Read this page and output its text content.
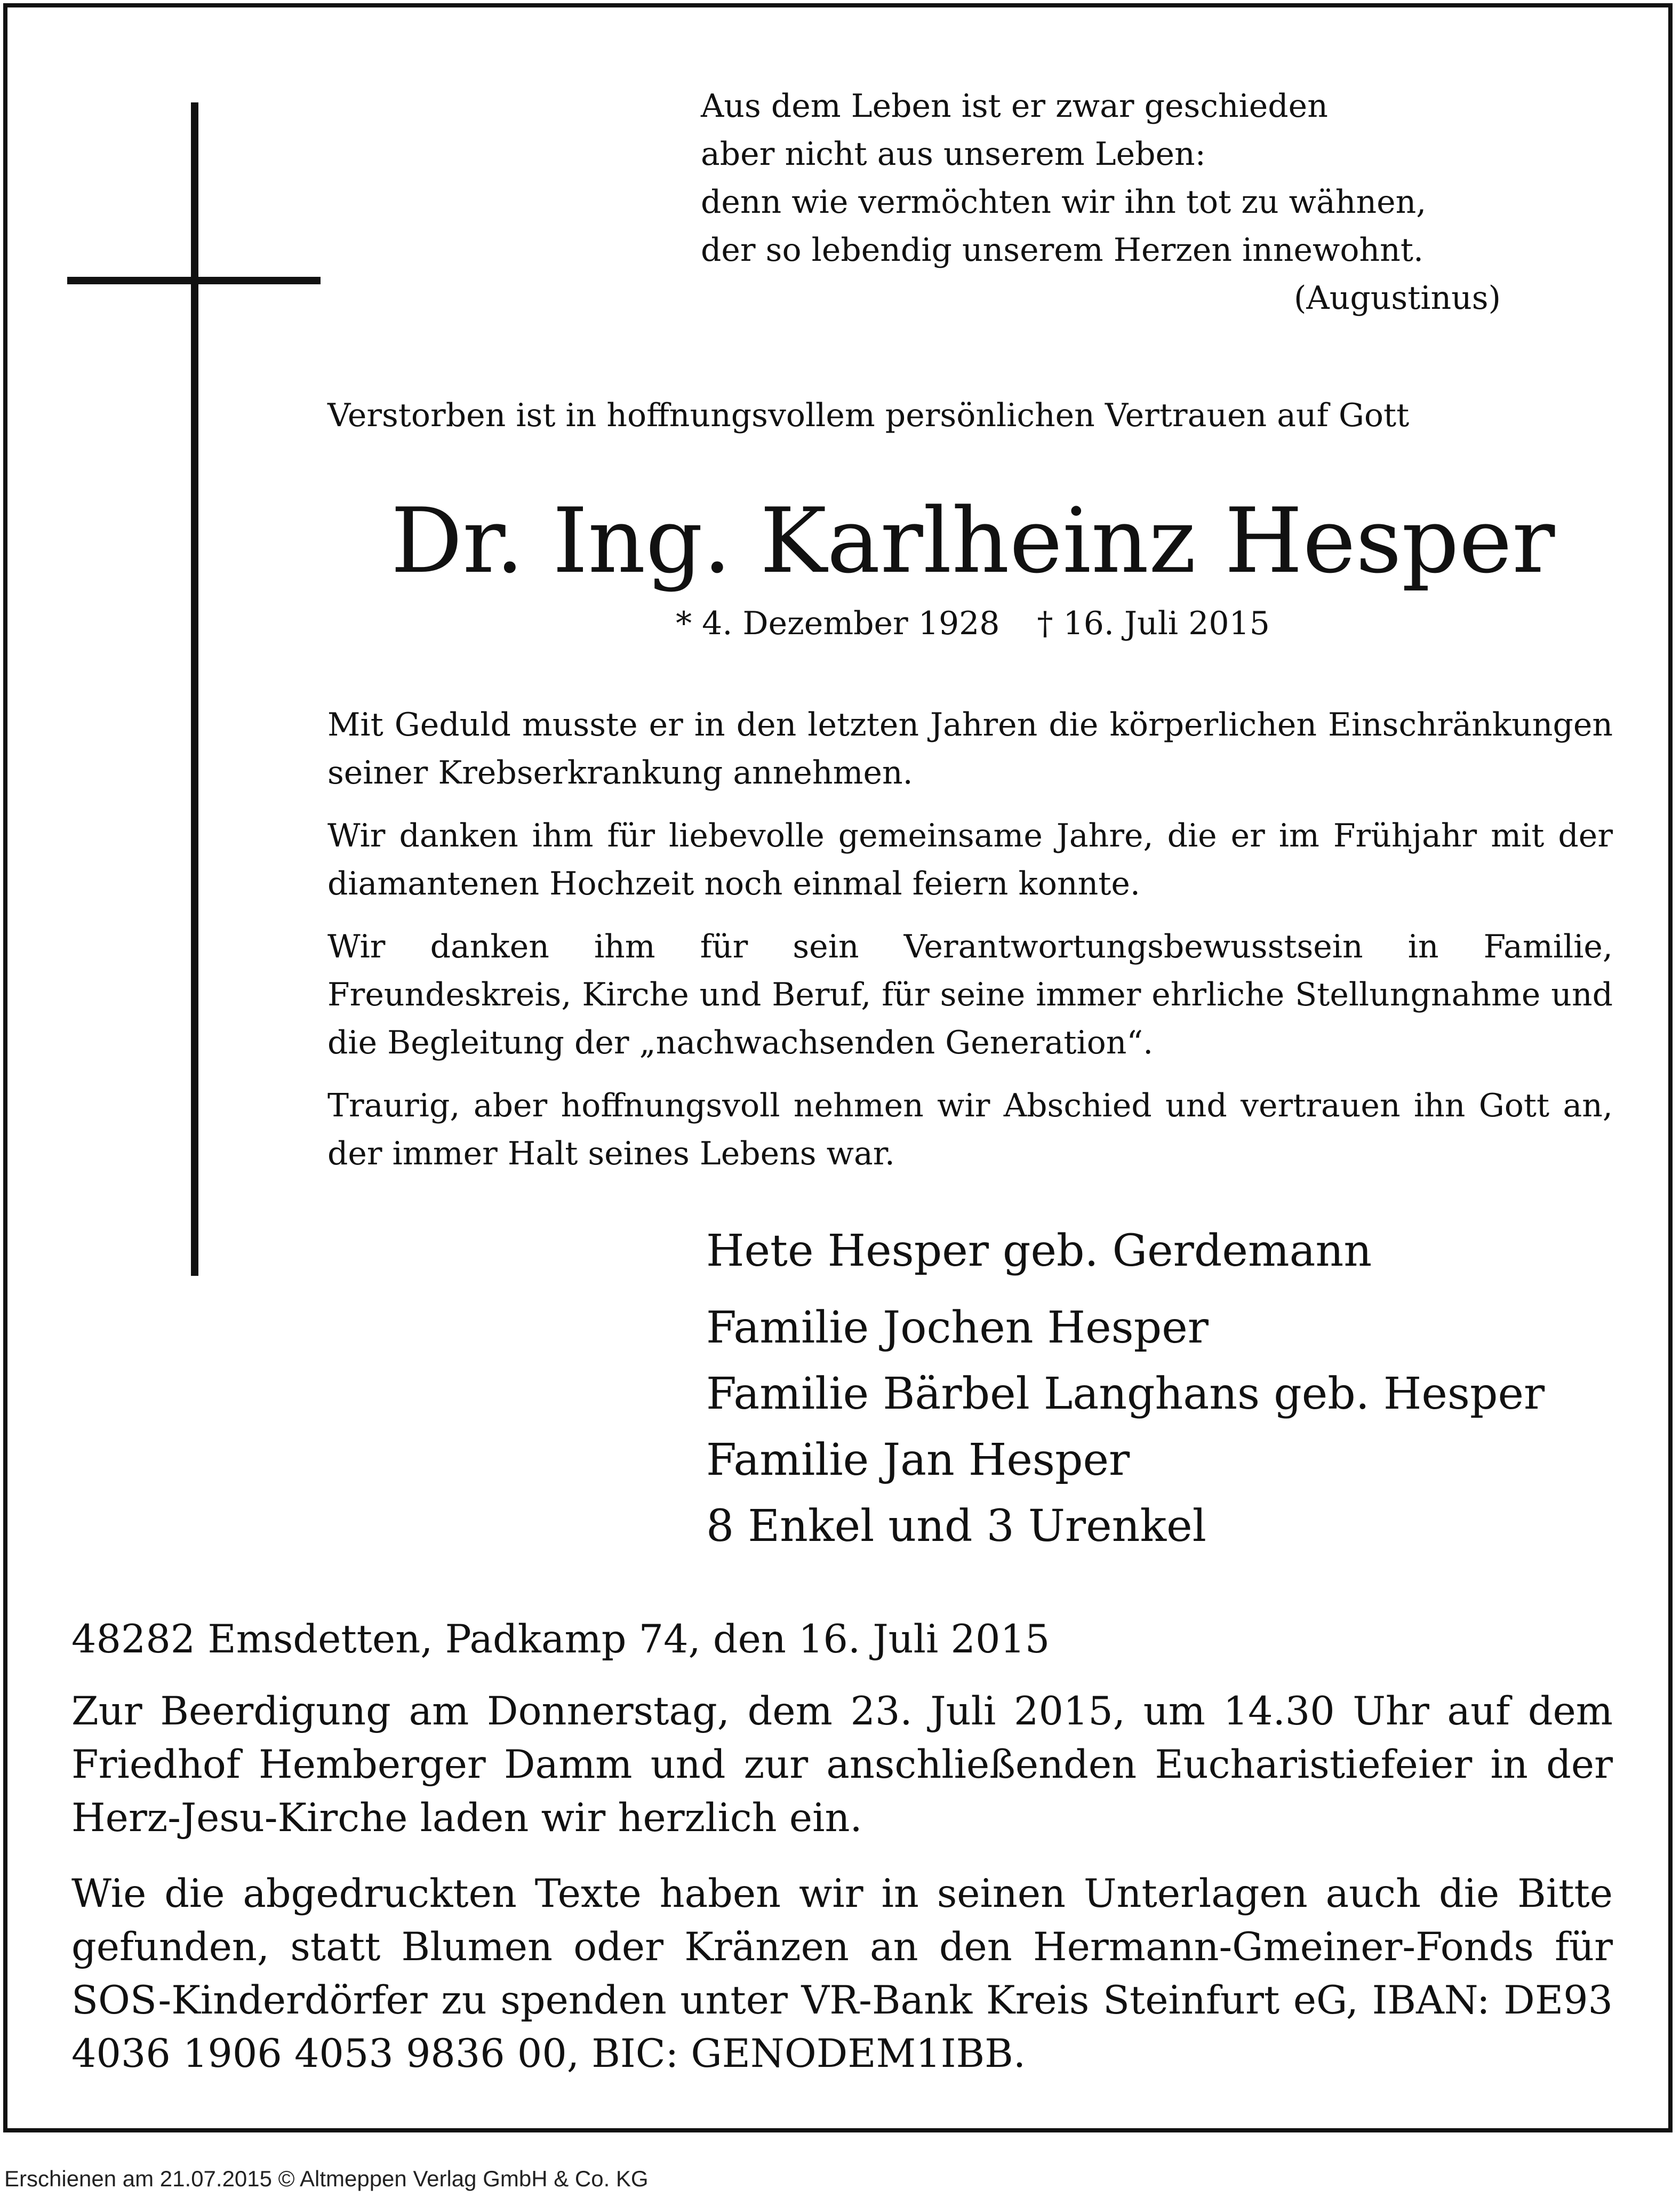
Aus dem Leben ist er zwar geschieden
aber nicht aus unserem Leben:
denn wie vermöchten wir ihn tot zu wähnen,
der so lebendig unserem Herzen innewohnt.
(Augustinus)
Verstorben ist in hoffnungsvollem persönlichen Vertrauen auf Gott
Dr. Ing. Karlheinz Hesper
* 4. Dezember 1928 † 16. Juli 2015

Mit Geduld musste er in den letzten Jahren die körperlichen Einschränkungen seiner Krebserkrankung annehmen.

Wir danken ihm für liebevolle gemeinsame Jahre, die er im Frühjahr mit der diamantenen Hochzeit noch einmal feiern konnte.

Wir danken ihm für sein Verantwortungsbewusstsein in Familie, Freundeskreis, Kirche und Beruf, für seine immer ehrliche Stellungnahme und die Begleitung der „nachwachsenden Generation“.

Traurig, aber hoffnungsvoll nehmen wir Abschied und vertrauen ihn Gott an, der immer Halt seines Lebens war.

Hete Hesper geb. Gerdemann
Familie Jochen Hesper
Familie Bärbel Langhans geb. Hesper
Familie Jan Hesper
8 Enkel und 3 Urenkel
48282 Emsdetten, Padkamp 74, den 16. Juli 2015

Zur Beerdigung am Donnerstag, dem 23. Juli 2015, um 14.30 Uhr auf dem Friedhof Hemberger Damm und zur anschließenden Eucharistiefeier in der Herz-Jesu-Kirche laden wir herzlich ein.

Wie die abgedruckten Texte haben wir in seinen Unterlagen auch die Bitte gefunden, statt Blumen oder Kränzen an den Hermann-Gmeiner-Fonds für SOS-Kinderdörfer zu spenden unter VR-Bank Kreis Steinfurt eG, IBAN: DE93 4036 1906 4053 9836 00, BIC: GENODEM1IBB.

Erschienen am 21.07.2015 © Altmeppen Verlag GmbH & Co. KG
